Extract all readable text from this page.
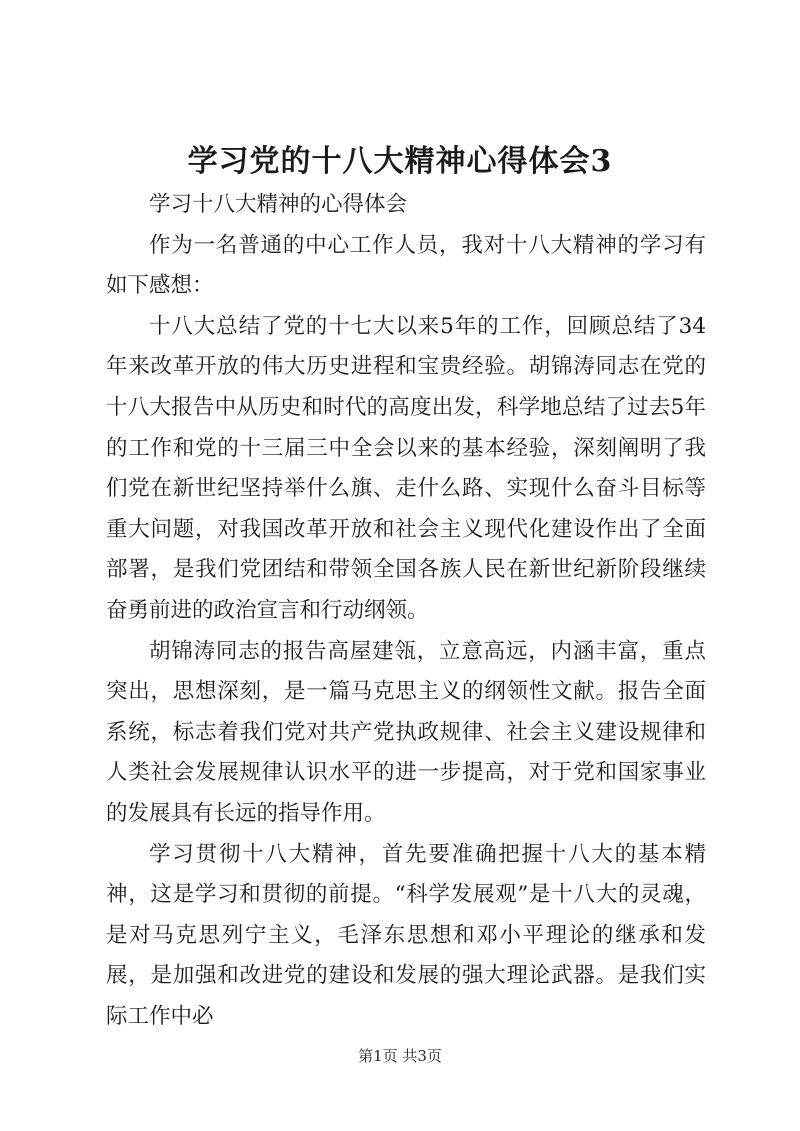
学习党的十八大精神心得体会3

学习十八大精神的心得体会

作为一名普通的中心工作人员，我对十八大精神的学习有如下感想：

十八大总结了党的十七大以来5年的工作，回顾总结了34年来改革开放的伟大历史进程和宝贵经验。胡锦涛同志在党的十八大报告中从历史和时代的高度出发，科学地总结了过去5年的工作和党的十三届三中全会以来的基本经验，深刻阐明了我们党在新世纪坚持举什么旗、走什么路、实现什么奋斗目标等重大问题，对我国改革开放和社会主义现代化建设作出了全面部署，是我们党团结和带领全国各族人民在新世纪新阶段继续奋勇前进的政治宣言和行动纲领。

胡锦涛同志的报告高屋建瓴，立意高远，内涵丰富，重点突出，思想深刻，是一篇马克思主义的纲领性文献。报告全面系统，标志着我们党对共产党执政规律、社会主义建设规律和人类社会发展规律认识水平的进一步提高，对于党和国家事业的发展具有长远的指导作用。

学习贯彻十八大精神，首先要准确把握十八大的基本精神，这是学习和贯彻的前提。“科学发展观”是十八大的灵魂，是对马克思列宁主义，毛泽东思想和邓小平理论的继承和发展，是加强和改进党的建设和发展的强大理论武器。是我们实际工作中必

第1页 共3页
